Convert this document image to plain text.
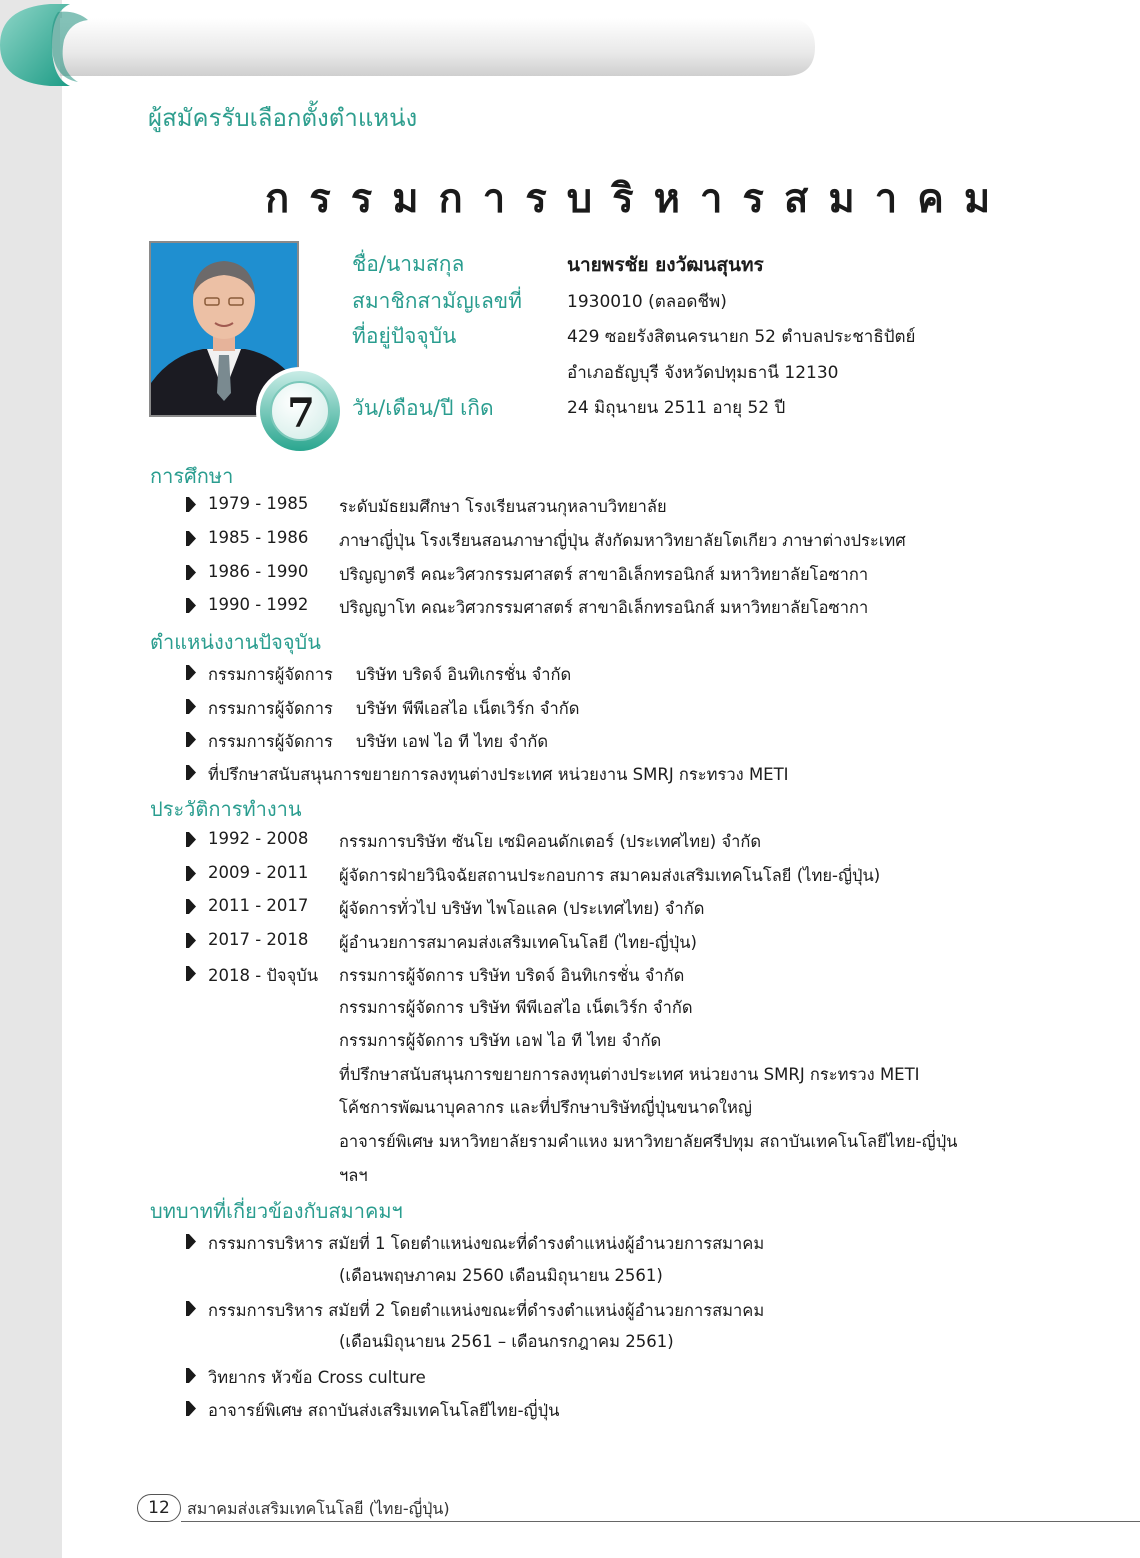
ผู้สมัครรับเลือกตั้งตำแหน่ง
กรรมการบริหารสมาคม
7
ชื่อ/นามสกุล	นายพรชัย ยงวัฒนสุนทร
สมาชิกสามัญเลขที่	1930010 (ตลอดชีพ)
ที่อยู่ปัจจุบัน	429 ซอยรังสิตนครนายก 52 ตำบลประชาธิปัตย์
อำเภอธัญบุรี จังหวัดปทุมธานี 12130
วัน/เดือน/ปี เกิด	24 มิถุนายน 2511 อายุ 52 ปี
การศึกษา
1979 - 1985 ระดับมัธยมศึกษา โรงเรียนสวนกุหลาบวิทยาลัย
1985 - 1986 ภาษาญี่ปุ่น โรงเรียนสอนภาษาญี่ปุ่น สังกัดมหาวิทยาลัยโตเกียว ภาษาต่างประเทศ
1986 - 1990 ปริญญาตรี คณะวิศวกรรมศาสตร์ สาขาอิเล็กทรอนิกส์ มหาวิทยาลัยโอซากา
1990 - 1992 ปริญญาโท คณะวิศวกรรมศาสตร์ สาขาอิเล็กทรอนิกส์ มหาวิทยาลัยโอซากา
ตำแหน่งงานปัจจุบัน
กรรมการผู้จัดการ บริษัท บริดจ์ อินทิเกรชั่น จำกัด
กรรมการผู้จัดการ บริษัท พีพีเอสไอ เน็ตเวิร์ก จำกัด
กรรมการผู้จัดการ บริษัท เอฟ ไอ ที ไทย จำกัด
ที่ปรึกษาสนับสนุนการขยายการลงทุนต่างประเทศ หน่วยงาน SMRJ กระทรวง METI
ประวัติการทำงาน
1992 - 2008 กรรมการบริษัท ซันโย เซมิคอนดักเตอร์ (ประเทศไทย) จำกัด
2009 - 2011 ผู้จัดการฝ่ายวินิจฉัยสถานประกอบการ สมาคมส่งเสริมเทคโนโลยี (ไทย-ญี่ปุ่น)
2011 - 2017 ผู้จัดการทั่วไป บริษัท ไพโอแลค (ประเทศไทย) จำกัด
2017 - 2018 ผู้อำนวยการสมาคมส่งเสริมเทคโนโลยี (ไทย-ญี่ปุ่น)
2018 - ปัจจุบัน กรรมการผู้จัดการ บริษัท บริดจ์ อินทิเกรชั่น จำกัด
กรรมการผู้จัดการ บริษัท พีพีเอสไอ เน็ตเวิร์ก จำกัด
กรรมการผู้จัดการ บริษัท เอฟ ไอ ที ไทย จำกัด
ที่ปรึกษาสนับสนุนการขยายการลงทุนต่างประเทศ หน่วยงาน SMRJ กระทรวง METI
โค้ชการพัฒนาบุคลากร และที่ปรึกษาบริษัทญี่ปุ่นขนาดใหญ่
อาจารย์พิเศษ มหาวิทยาลัยรามคำแหง มหาวิทยาลัยศรีปทุม สถาบันเทคโนโลยีไทย-ญี่ปุ่น
ฯลฯ
บทบาทที่เกี่ยวข้องกับสมาคมฯ
กรรมการบริหาร สมัยที่ 1 โดยตำแหน่งขณะที่ดำรงตำแหน่งผู้อำนวยการสมาคม
(เดือนพฤษภาคม 2560 เดือนมิถุนายน 2561)
กรรมการบริหาร สมัยที่ 2 โดยตำแหน่งขณะที่ดำรงตำแหน่งผู้อำนวยการสมาคม
(เดือนมิถุนายน 2561 – เดือนกรกฎาคม 2561)
วิทยากร หัวข้อ Cross culture
อาจารย์พิเศษ สถาบันส่งเสริมเทคโนโลยีไทย-ญี่ปุ่น
12	สมาคมส่งเสริมเทคโนโลยี (ไทย-ญี่ปุ่น)
